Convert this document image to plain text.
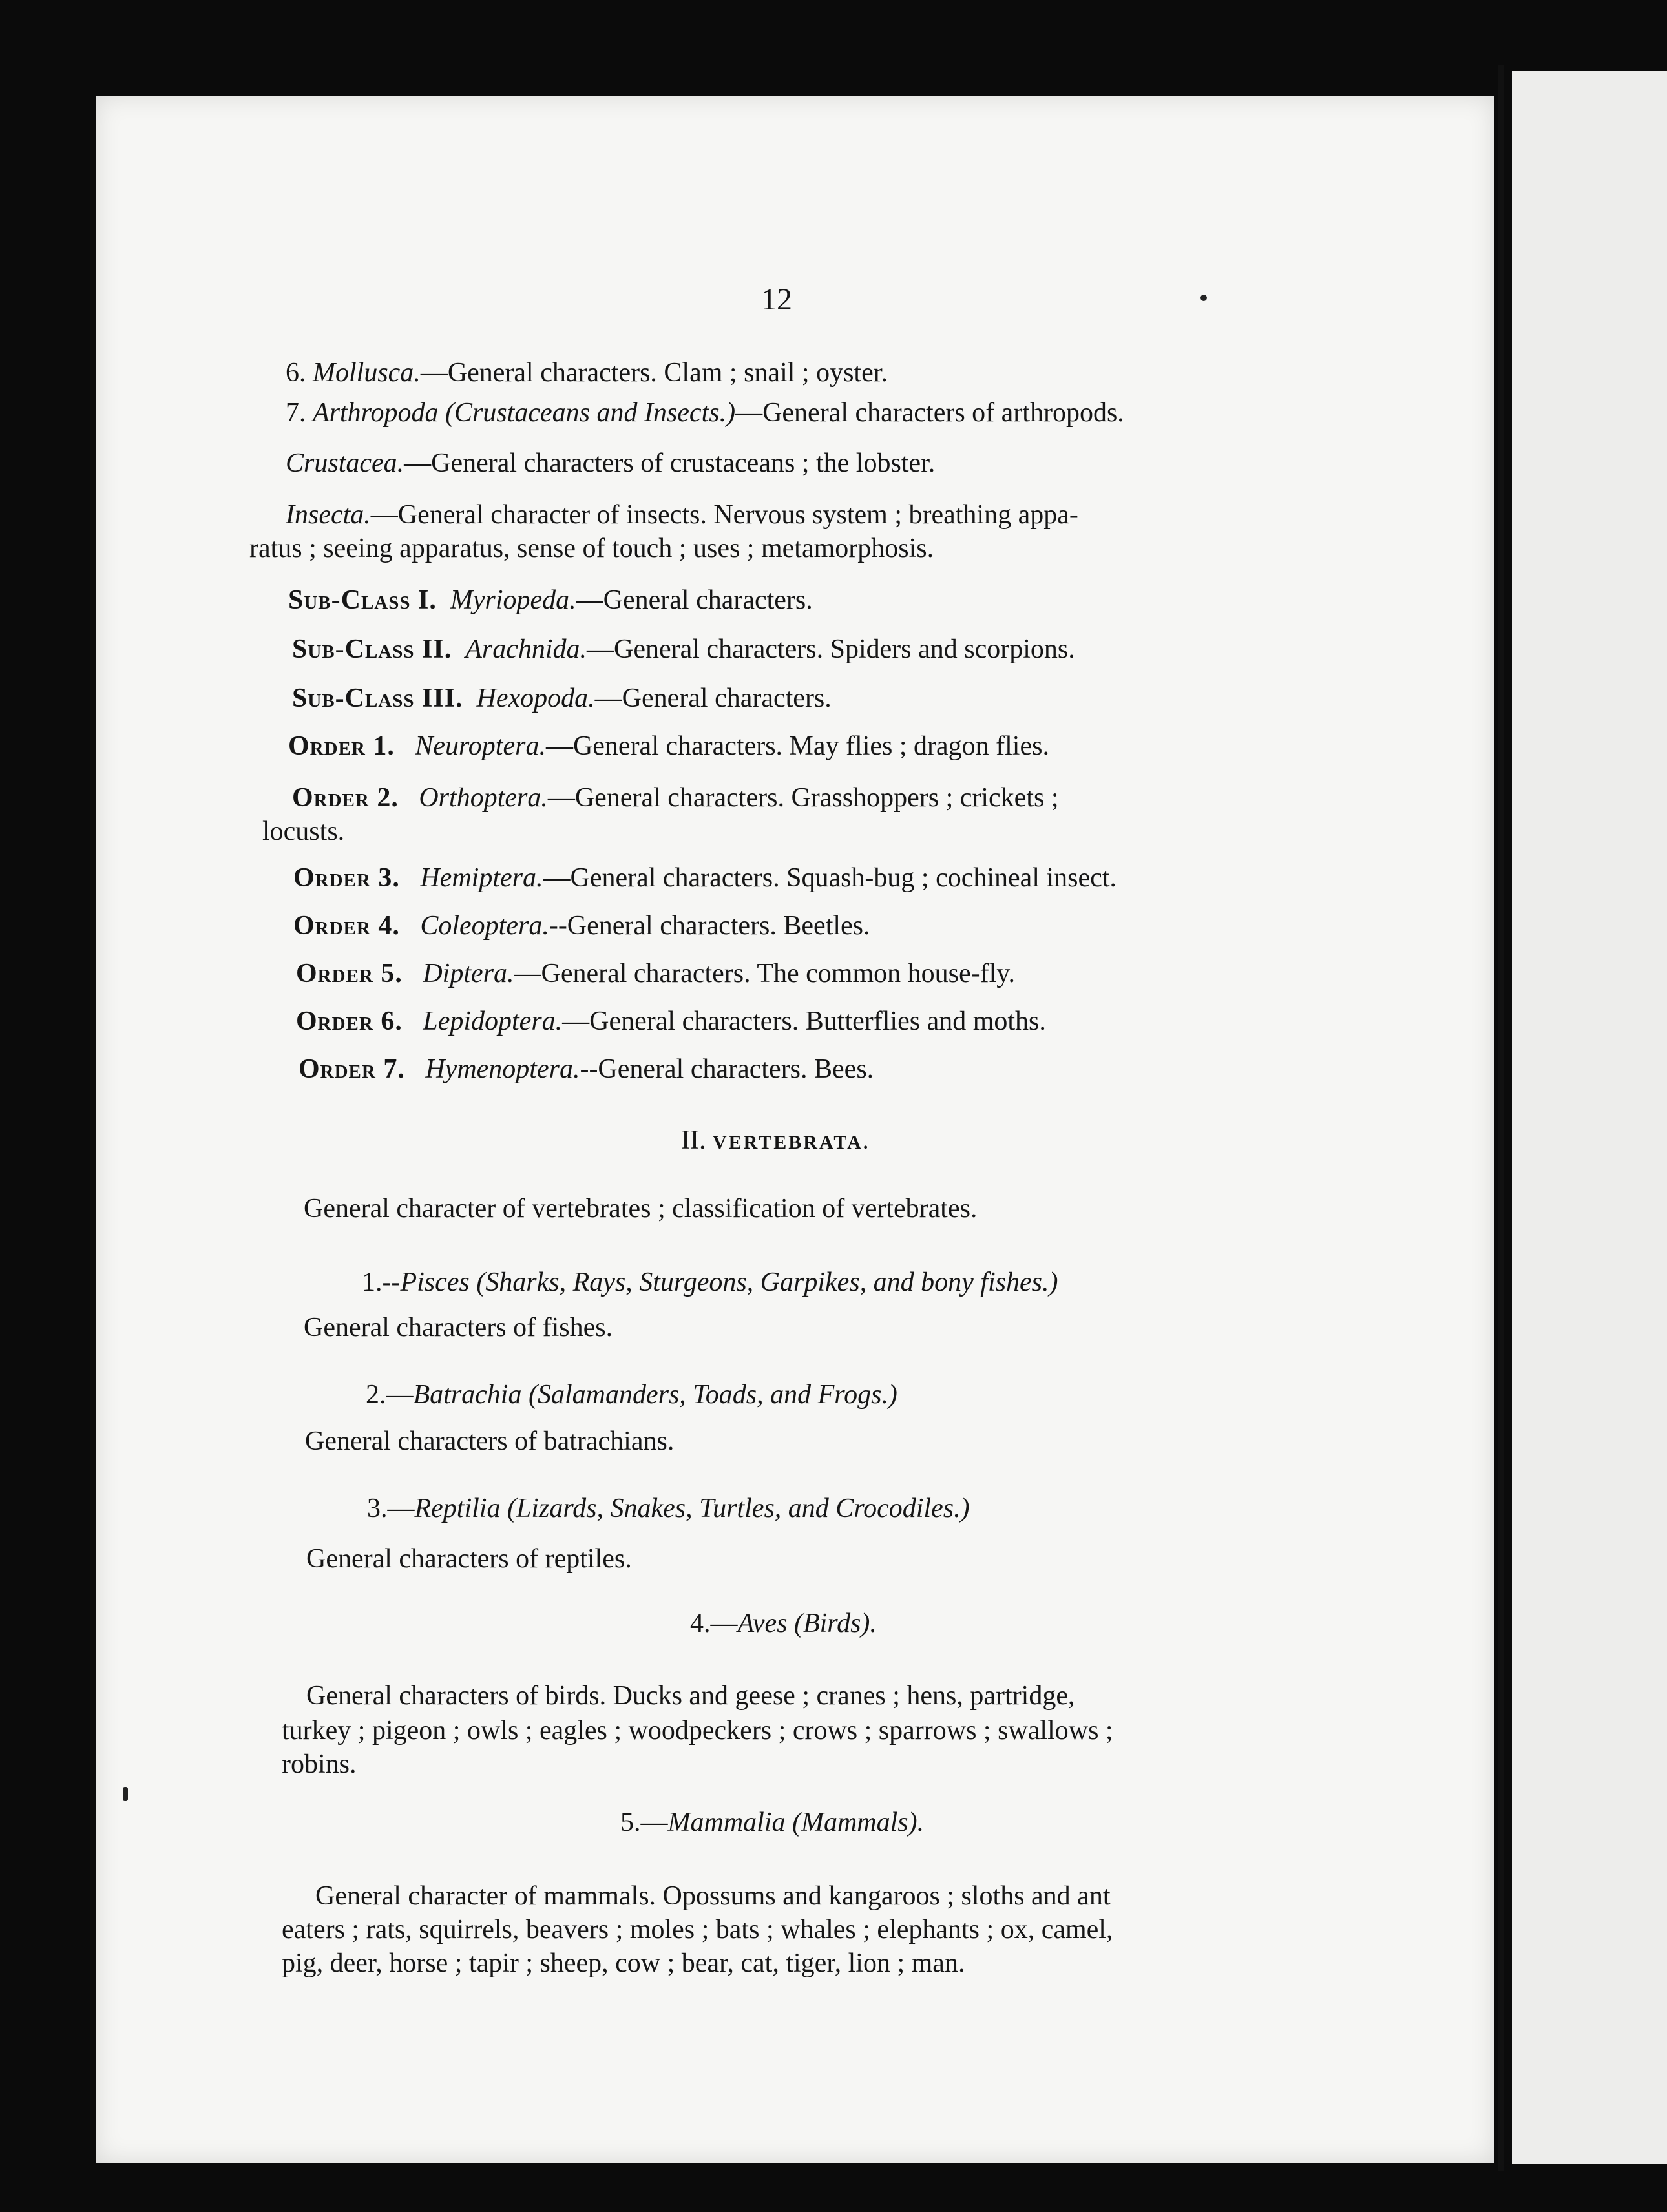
12
6. Mollusca.—General characters. Clam ; snail ; oyster.
7. Arthropoda (Crustaceans and Insects.)—General characters of arthropods.
Crustacea.—General characters of crustaceans ; the lobster.
Insecta.—General character of insects. Nervous system ; breathing appa-
ratus ; seeing apparatus, sense of touch ; uses ; metamorphosis.
Sub-Class I. Myriopeda.—General characters.
Sub-Class II. Arachnida.—General characters. Spiders and scorpions.
Sub-Class III. Hexopoda.—General characters.
Order 1. Neuroptera.—General characters. May flies ; dragon flies.
Order 2. Orthoptera.—General characters. Grasshoppers ; crickets ;
locusts.
Order 3. Hemiptera.—General characters. Squash-bug ; cochineal insect.
Order 4. Coleoptera.--General characters. Beetles.
Order 5. Diptera.—General characters. The common house-fly.
Order 6. Lepidoptera.—General characters. Butterflies and moths.
Order 7. Hymenoptera.--General characters. Bees.
II. VERTEBRATA.
General character of vertebrates ; classification of vertebrates.
1.--Pisces (Sharks, Rays, Sturgeons, Garpikes, and bony fishes.)
General characters of fishes.
2.—Batrachia (Salamanders, Toads, and Frogs.)
General characters of batrachians.
3.—Reptilia (Lizards, Snakes, Turtles, and Crocodiles.)
General characters of reptiles.
4.—Aves (Birds).
General characters of birds. Ducks and geese ; cranes ; hens, partridge,
turkey ; pigeon ; owls ; eagles ; woodpeckers ; crows ; sparrows ; swallows ;
robins.
5.—Mammalia (Mammals).
General character of mammals. Opossums and kangaroos ; sloths and ant
eaters ; rats, squirrels, beavers ; moles ; bats ; whales ; elephants ; ox, camel,
pig, deer, horse ; tapir ; sheep, cow ; bear, cat, tiger, lion ; man.
